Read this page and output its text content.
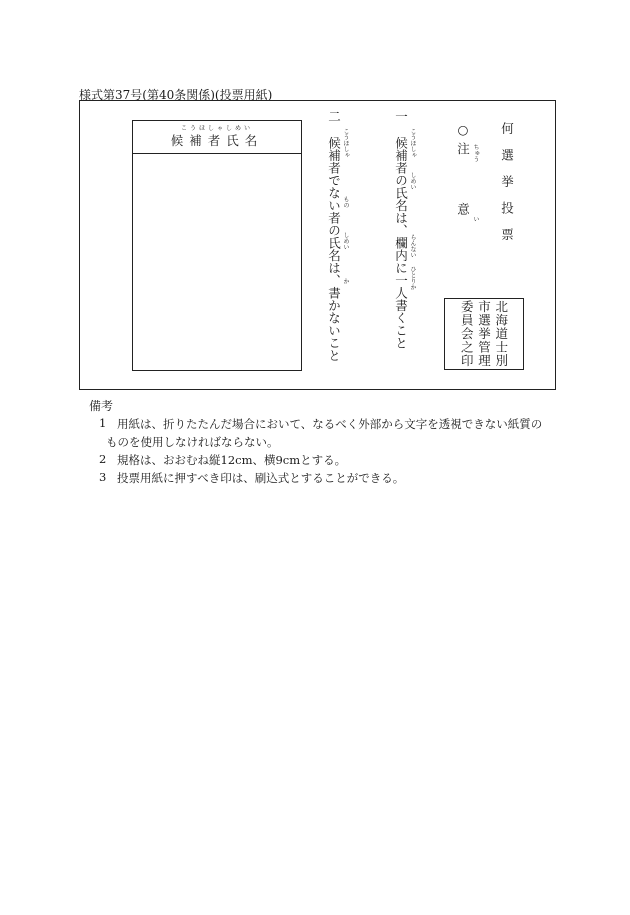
様式第37号(第40条関係)(投票用紙)
何選挙投票
○注意 ちゅう
い
一候補者の氏名は、欄内に一人書くこと こうほしゃ
しめい
らんない
ひとりか
二候補者でない者の氏名は、書かないこと こうほしゃ
もの
しめい
か
北海道士別
市選挙管理
委員会之印
こうほしゃしめい
候補者氏名
備考
1 用紙は、折りたたんだ場合において、なるべく外部から文字を透視できない紙質の
ものを使用しなければならない。
2 規格は、おおむね縦12cm、横9cmとする。
3 投票用紙に押すべき印は、刷込式とすることができる。
